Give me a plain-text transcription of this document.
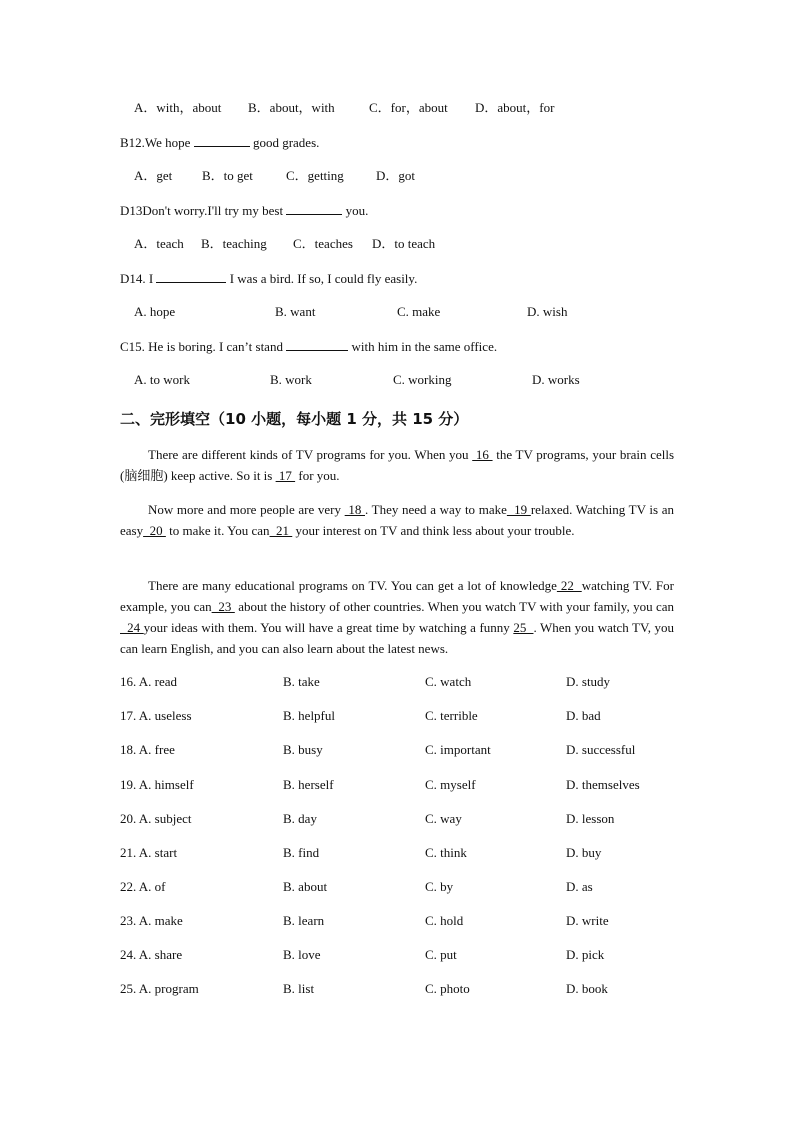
A．with，about B．about，with	C．for，about D．about，for
B12.We hope	good grades.
A．get B．to get	C．getting D．got
D13Don't worry.I'll try my best	you.
A．teach B．teaching C．teaches D．to teach
D14. I	I was a bird. If so, I could fly easily.
A. hope	B. want	C. make	D. wish
C15. He is boring. I can’t stand	with him in the same office.
A. to work	B. work	C. working	D. works
二、完形填空（10 小题，每小题 1 分，共 15 分）
There are different kinds of TV programs for you. When you  16  the TV programs, your brain cells (脑细胞) keep active. So it is  17  for you.
Now more and more people are very  18 . They need a way to make  19 relaxed. Watching TV is an easy  20  to make it. You can  21  your interest on TV and think less about your trouble.
There are many educational programs on TV. You can get a lot of knowledge 22  watching TV. For example, you can  23  about the history of other countries. When you watch TV with your family, you can  24 your ideas with them. You will have a great time by watching a funny 25  . When you watch TV, you can learn English, and you can also learn about the latest news.
16. A. read	B. take	C. watch	D. study
17. A. useless	B. helpful	C. terrible	D. bad
18. A. free	B. busy	C. important	D. successful
19. A. himself	B. herself	C. myself	D. themselves
20. A. subject	B. day	C. way	D. lesson
21. A. start	B. find	C. think	D. buy
22. A. of	B. about	C. by	D. as
23. A. make	B. learn	C. hold	D. write
24. A. share	B. love	C. put	D. pick
25. A. program	B. list	C. photo	D. book
